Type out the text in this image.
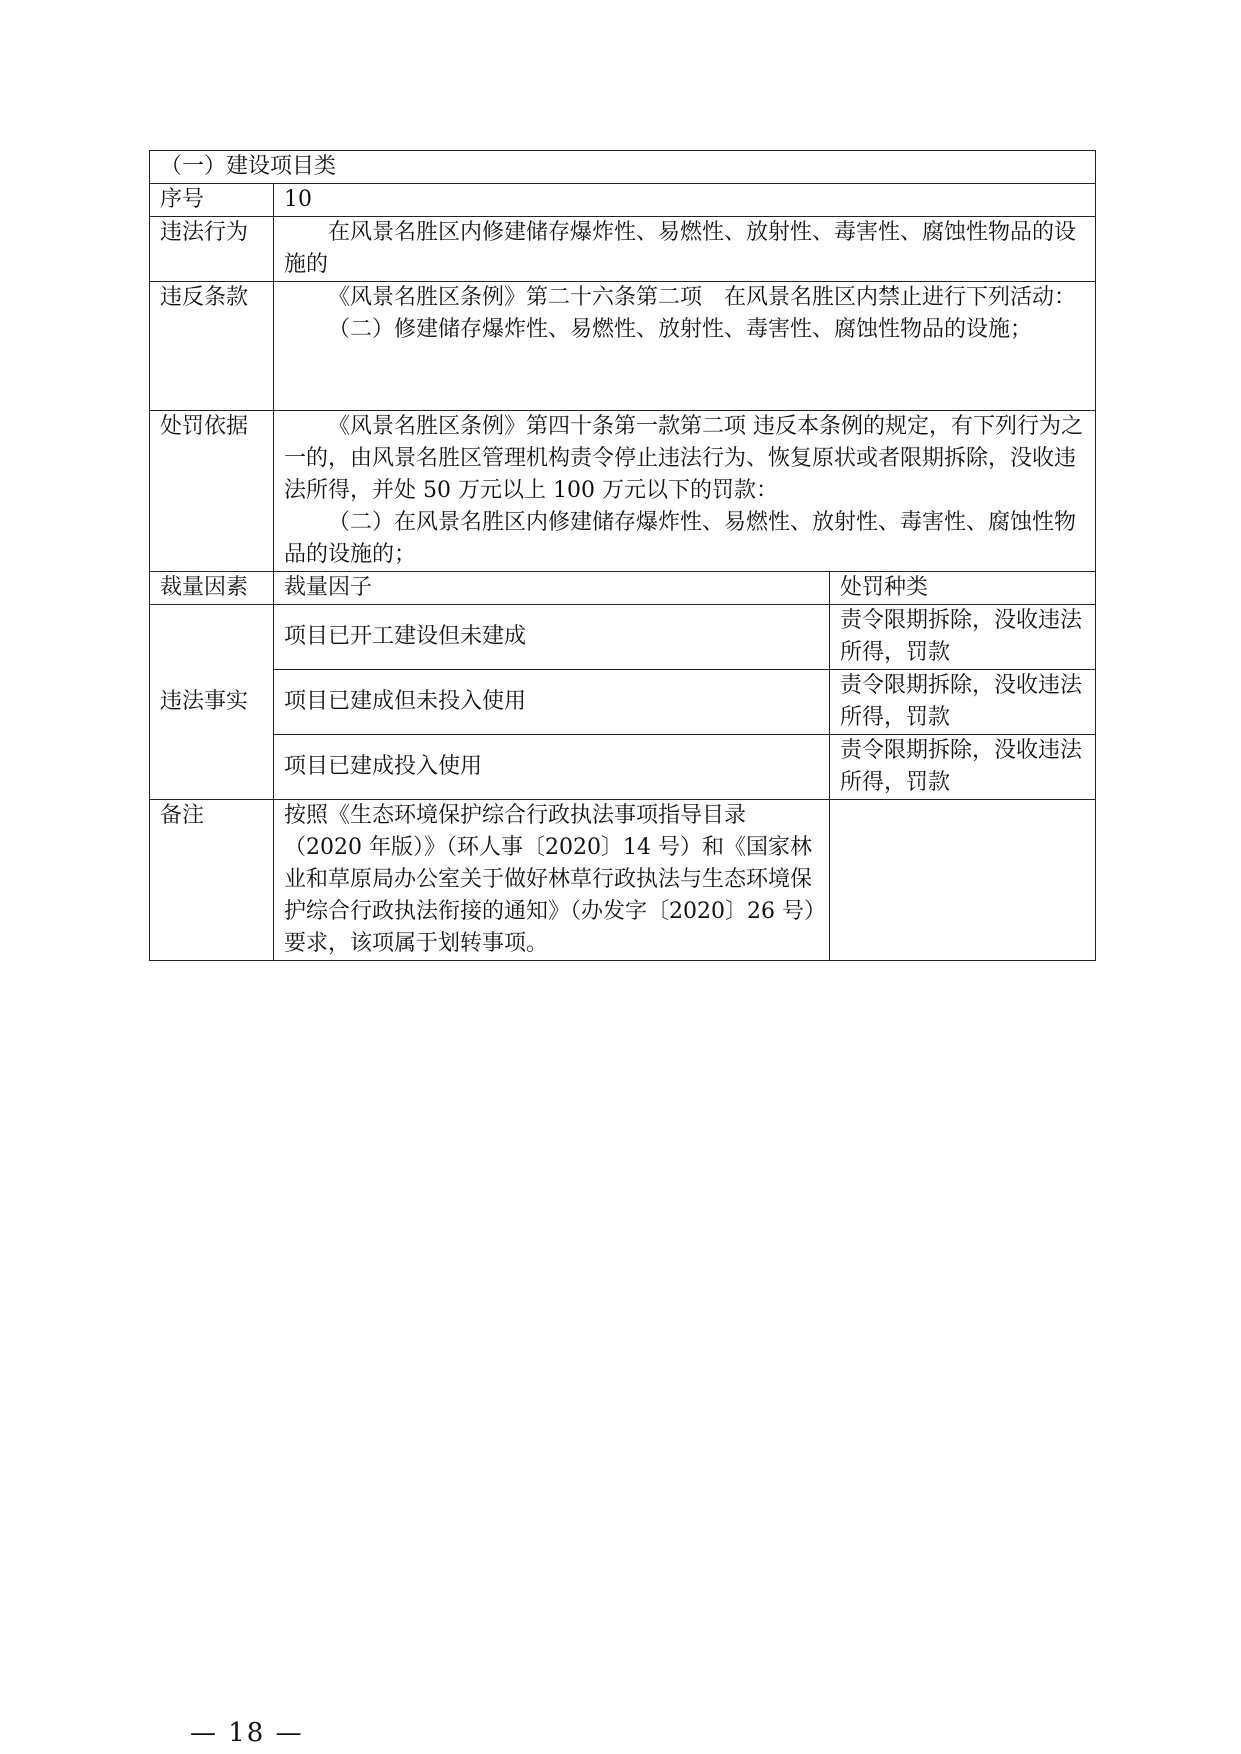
（一）建设项目类		
序号	10	
违法行为	在风景名胜区内修建储存爆炸性、易燃性、放射性、毒害性、腐蚀性物品的设施的	

违反条款	《风景名胜区条例》第二十六条第二项　在风景名胜区内禁止进行下列活动：

（二）修建储存爆炸性、易燃性、放射性、毒害性、腐蚀性物品的设施；	

处罚依据	《风景名胜区条例》第四十条第一款第二项 违反本条例的规定，有下列行为之一的，由风景名胜区管理机构责令停止违法行为、恢复原状或者限期拆除，没收违法所得，并处 50 万元以上 100 万元以下的罚款：

（二）在风景名胜区内修建储存爆炸性、易燃性、放射性、毒害性、腐蚀性物品的设施的；	

裁量因素	裁量因子	处罚种类
违法事实	项目已开工建设但未建成	责令限期拆除，没收违法所得，罚款
	项目已建成但未投入使用	责令限期拆除，没收违法所得，罚款
	项目已建成投入使用	责令限期拆除，没收违法所得，罚款
备注	按照《生态环境保护综合行政执法事项指导目录（2020 年版）》（环人事〔2020〕14 号）和《国家林业和草原局办公室关于做好林草行政执法与生态环境保护综合行政执法衔接的通知》（办发字〔2020〕26 号）要求，该项属于划转事项。	
— 18 —
